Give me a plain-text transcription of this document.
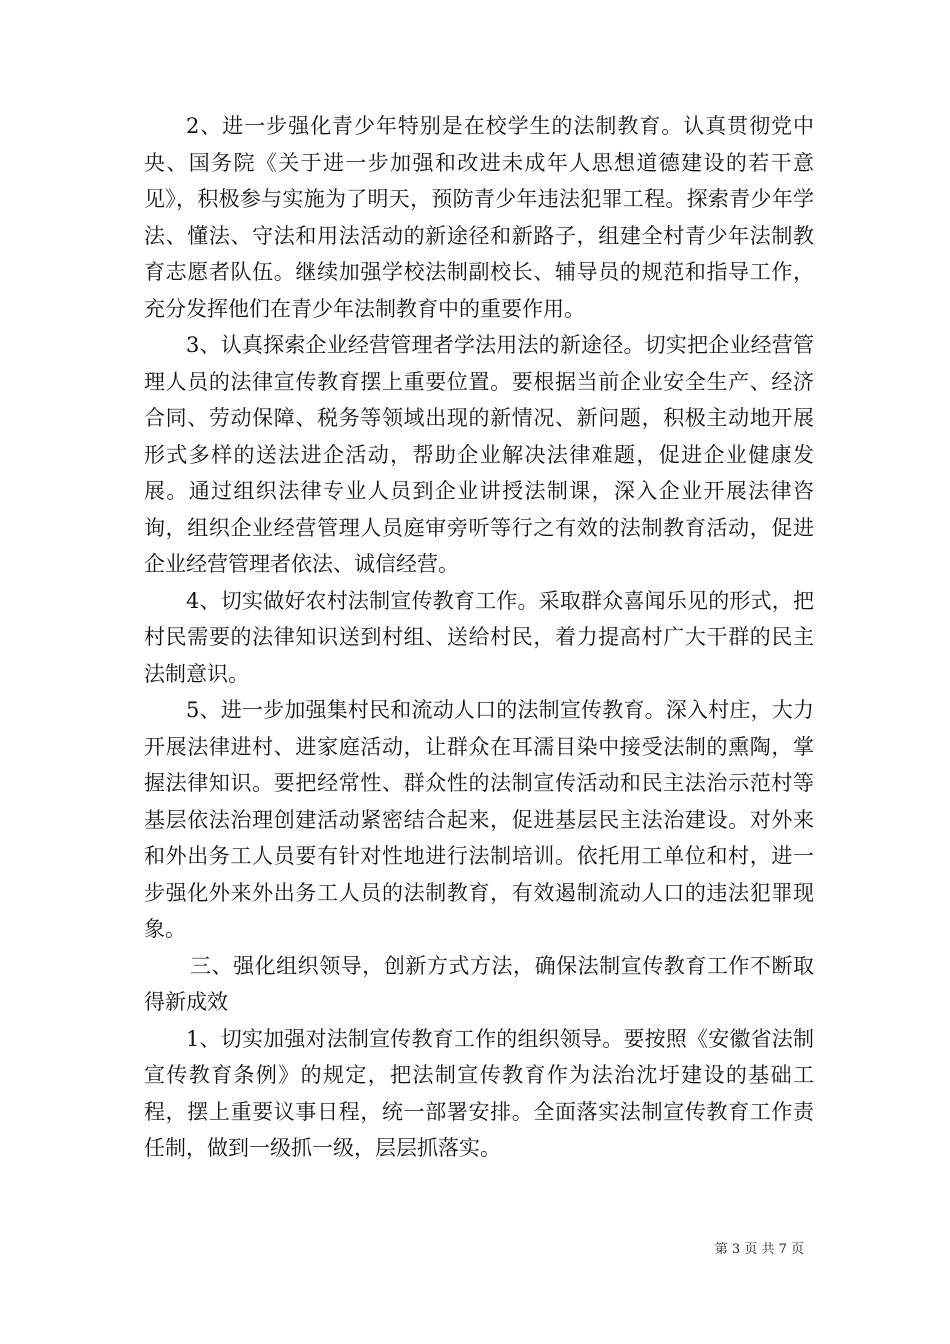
2、进一步强化青少年特别是在校学生的法制教育。认真贯彻党中央、国务院《关于进一步加强和改进未成年人思想道德建设的若干意见》，积极参与实施为了明天，预防青少年违法犯罪工程。探索青少年学法、懂法、守法和用法活动的新途径和新路子，组建全村青少年法制教育志愿者队伍。继续加强学校法制副校长、辅导员的规范和指导工作，充分发挥他们在青少年法制教育中的重要作用。

3、认真探索企业经营管理者学法用法的新途径。切实把企业经营管理人员的法律宣传教育摆上重要位置。要根据当前企业安全生产、经济合同、劳动保障、税务等领域出现的新情况、新问题，积极主动地开展形式多样的送法进企活动，帮助企业解决法律难题，促进企业健康发展。通过组织法律专业人员到企业讲授法制课，深入企业开展法律咨询，组织企业经营管理人员庭审旁听等行之有效的法制教育活动，促进企业经营管理者依法、诚信经营。

4、切实做好农村法制宣传教育工作。采取群众喜闻乐见的形式，把村民需要的法律知识送到村组、送给村民，着力提高村广大干群的民主法制意识。

5、进一步加强集村民和流动人口的法制宣传教育。深入村庄，大力开展法律进村、进家庭活动，让群众在耳濡目染中接受法制的熏陶，掌握法律知识。要把经常性、群众性的法制宣传活动和民主法治示范村等基层依法治理创建活动紧密结合起来，促进基层民主法治建设。对外来和外出务工人员要有针对性地进行法制培训。依托用工单位和村，进一步强化外来外出务工人员的法制教育，有效遏制流动人口的违法犯罪现象。

三、强化组织领导，创新方式方法，确保法制宣传教育工作不断取得新成效

1、切实加强对法制宣传教育工作的组织领导。要按照《安徽省法制宣传教育条例》的规定，把法制宣传教育作为法治沈圩建设的基础工程，摆上重要议事日程，统一部署安排。全面落实法制宣传教育工作责任制，做到一级抓一级，层层抓落实。

第 3 页 共 7 页
